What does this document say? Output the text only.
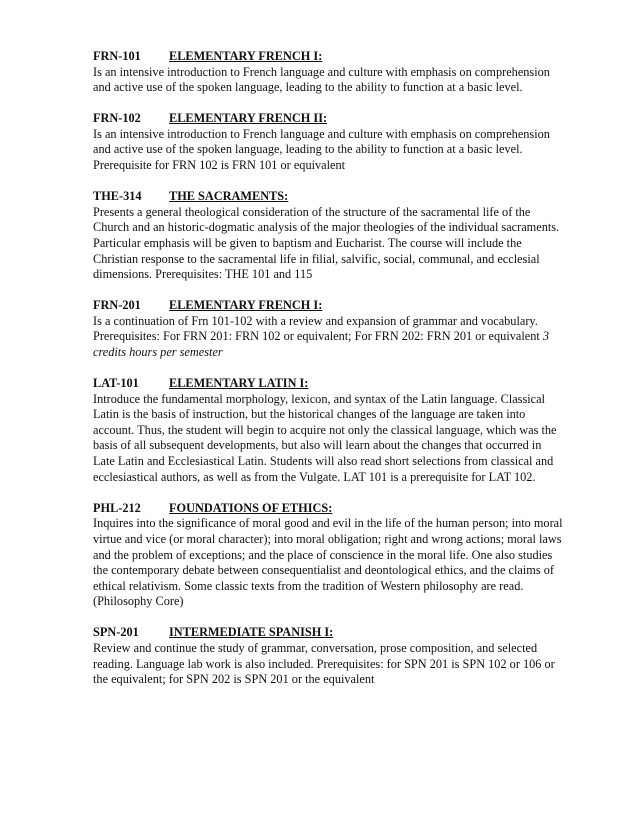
FRN-101 ELEMENTARY FRENCH I:

Is an intensive introduction to French language and culture with emphasis on comprehension and active use of the spoken language, leading to the ability to function at a basic level.

FRN-102 ELEMENTARY FRENCH II:

Is an intensive introduction to French language and culture with emphasis on comprehension and active use of the spoken language, leading to the ability to function at a basic level. Prerequisite for FRN 102 is FRN 101 or equivalent

THE-314 THE SACRAMENTS:

Presents a general theological consideration of the structure of the sacramental life of the Church and an historic-dogmatic analysis of the major theologies of the individual sacraments. Particular emphasis will be given to baptism and Eucharist. The course will include the Christian response to the sacramental life in filial, salvific, social, communal, and ecclesial dimensions. Prerequisites: THE 101 and 115

FRN-201 ELEMENTARY FRENCH I:

Is a continuation of Frn 101-102 with a review and expansion of grammar and vocabulary. Prerequisites: For FRN 201: FRN 102 or equivalent; For FRN 202: FRN 201 or equivalent 3 credits hours per semester

LAT-101 ELEMENTARY LATIN I:

Introduce the fundamental morphology, lexicon, and syntax of the Latin language. Classical Latin is the basis of instruction, but the historical changes of the language are taken into account. Thus, the student will begin to acquire not only the classical language, which was the basis of all subsequent developments, but also will learn about the changes that occurred in Late Latin and Ecclesiastical Latin. Students will also read short selections from classical and ecclesiastical authors, as well as from the Vulgate. LAT 101 is a prerequisite for LAT 102.

PHL-212 FOUNDATIONS OF ETHICS:

Inquires into the significance of moral good and evil in the life of the human person; into moral virtue and vice (or moral character); into moral obligation; right and wrong actions; moral laws and the problem of exceptions; and the place of conscience in the moral life. One also studies the contemporary debate between consequentialist and deontological ethics, and the claims of ethical relativism. Some classic texts from the tradition of Western philosophy are read. (Philosophy Core)

SPN-201 INTERMEDIATE SPANISH I:

Review and continue the study of grammar, conversation, prose composition, and selected reading. Language lab work is also included. Prerequisites: for SPN 201 is SPN 102 or 106 or the equivalent; for SPN 202 is SPN 201 or the equivalent
